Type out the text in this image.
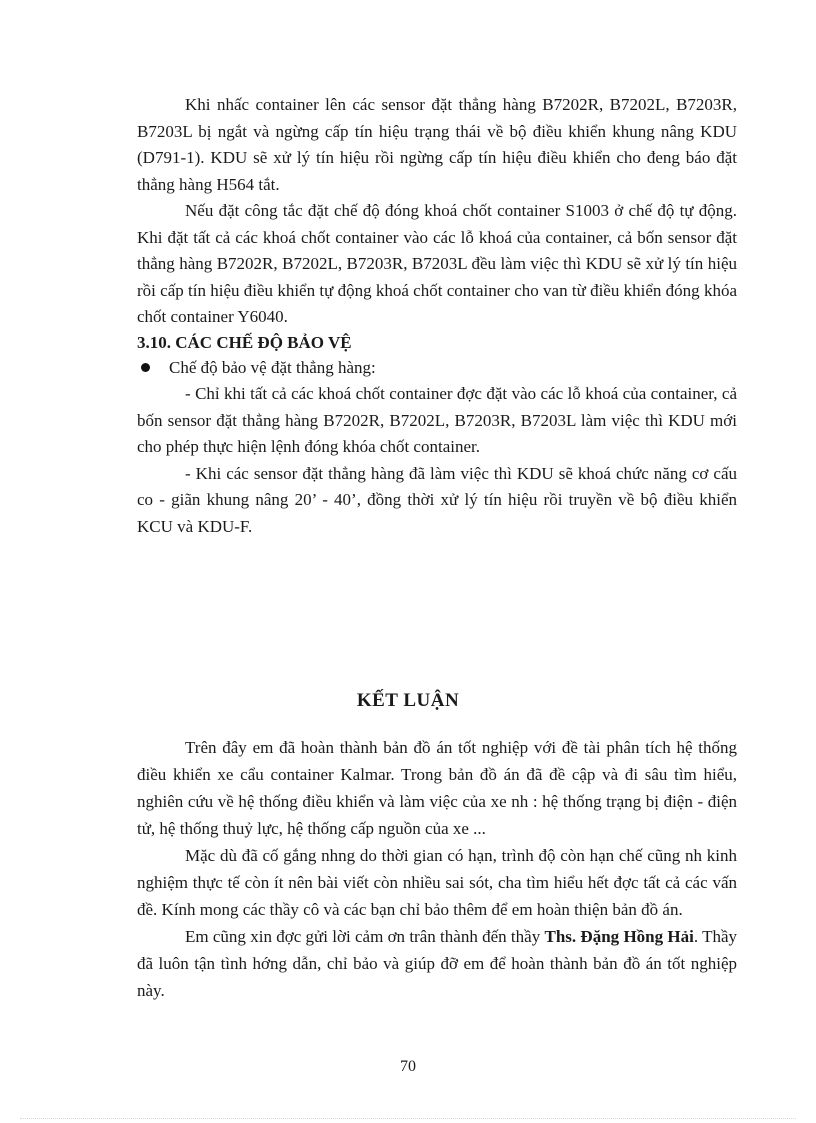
Khi nhấc container lên các sensor đặt thẳng hàng B7202R, B7202L, B7203R, B7203L bị ngắt và ngừng cấp tín hiệu trạng thái về bộ điều khiển khung nâng KDU (D791-1). KDU sẽ xử lý tín hiệu rồi ngừng cấp tín hiệu điều khiển cho đeng báo đặt thẳng hàng H564 tắt.

Nếu đặt công tắc đặt chế độ đóng khoá chốt container S1003 ở chế độ tự động. Khi đặt tất cả các khoá chốt container vào các lỗ khoá của container, cả bốn sensor đặt thẳng hàng B7202R, B7202L, B7203R, B7203L đều làm việc thì KDU sẽ xử lý tín hiệu rồi cấp tín hiệu điều khiển tự động khoá chốt container cho van từ điều khiển đóng khóa chốt container Y6040.

3.10. CÁC CHẾ ĐỘ BẢO VỆ

Chế độ bảo vệ đặt thẳng hàng:

- Chỉ khi tất cả các khoá chốt container đợc đặt vào các lỗ khoá của container, cả bốn sensor đặt thẳng hàng B7202R, B7202L, B7203R, B7203L làm việc thì KDU mới cho phép thực hiện lệnh đóng khóa chốt container.

- Khi các sensor đặt thẳng hàng đã làm việc thì KDU sẽ khoá chức năng cơ cấu co - giãn khung nâng 20’ - 40’, đồng thời xử lý tín hiệu rồi truyền về bộ điều khiển KCU và KDU-F.

KẾT LUẬN

Trên đây em đã hoàn thành bản đồ án tốt nghiệp với đề tài phân tích hệ thống điều khiển xe cẩu container Kalmar. Trong bản đồ án đã đề cập và đi sâu tìm hiểu, nghiên cứu về hệ thống điều khiển và làm việc của xe nh : hệ thống trạng bị điện - điện tử, hệ thống thuỷ lực, hệ thống cấp nguồn của xe ...

Mặc dù đã cố gắng nhng do thời gian có hạn, trình độ còn hạn chế cũng nh kinh nghiệm thực tế còn ít nên bài viết còn nhiều sai sót, cha tìm hiểu hết đợc tất cả các vấn đề. Kính mong các thầy cô và các bạn chỉ bảo thêm để em hoàn thiện bản đồ án.

Em cũng xin đợc gửi lời cảm ơn trân thành đến thầy Ths. Đặng Hồng Hải. Thầy đã luôn tận tình hớng dẫn, chỉ bảo và giúp đỡ em để hoàn thành bản đồ án tốt nghiệp này.

70
